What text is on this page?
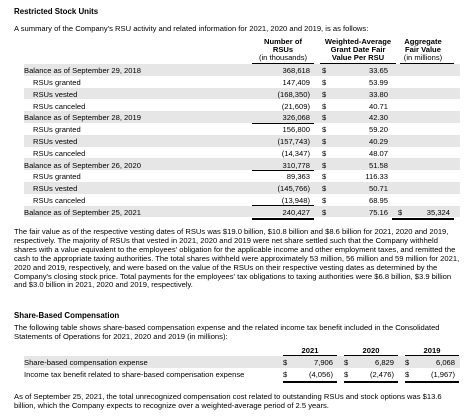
Restricted Stock Units
A summary of the Company's RSU activity and related information for 2021, 2020 and 2019, is as follows:
Number of
RSUs
(in thousands)
Weighted-Average
Grant Date Fair
Value Per RSU
Aggregate
Fair Value
(in millions)
Balance as of September 29, 2018	368,618 $	33.65
RSUs granted	147,409 $	53.99
RSUs vested	(168,350) $	33.80
RSUs canceled	(21,609) $	40.71
Balance as of September 28, 2019	326,068 $	42.30
RSUs granted	156,800 $	59.20
RSUs vested	(157,743) $	40.29
RSUs canceled	(14,347) $	48.07
Balance as of September 26, 2020	310,778 $	51.58
RSUs granted	89,363 $	116.33
RSUs vested	(145,766) $	50.71
RSUs canceled	(13,948) $	68.95
Balance as of September 25, 2021	240,427 $	75.16 $	35,324
The fair value as of the respective vesting dates of RSUs was $19.0 billion, $10.8 billion and $8.6 billion for 2021, 2020 and 2019, respectively. The majority of RSUs that vested in 2021, 2020 and 2019 were net share settled such that the Company withheld shares with a value equivalent to the employees' obligation for the applicable income and other employment taxes, and remitted the cash to the appropriate taxing authorities. The total shares withheld were approximately 53 million, 56 million and 59 million for 2021, 2020 and 2019, respectively, and were based on the value of the RSUs on their respective vesting dates as determined by the Company's closing stock price. Total payments for the employees' tax obligations to taxing authorities were $6.8 billion, $3.9 billion and $3.0 billion in 2021, 2020 and 2019, respectively.
Share-Based Compensation
The following table shows share-based compensation expense and the related income tax benefit included in the Consolidated Statements of Operations for 2021, 2020 and 2019 (in millions):
2021	2020	2019
Share-based compensation expense	$	7,906 $	6,829 $	6,068
Income tax benefit related to share-based compensation expense	$	(4,056) $	(2,476) $	(1,967)
As of September 25, 2021, the total unrecognized compensation cost related to outstanding RSUs and stock options was $13.6 billion, which the Company expects to recognize over a weighted-average period of 2.5 years.
